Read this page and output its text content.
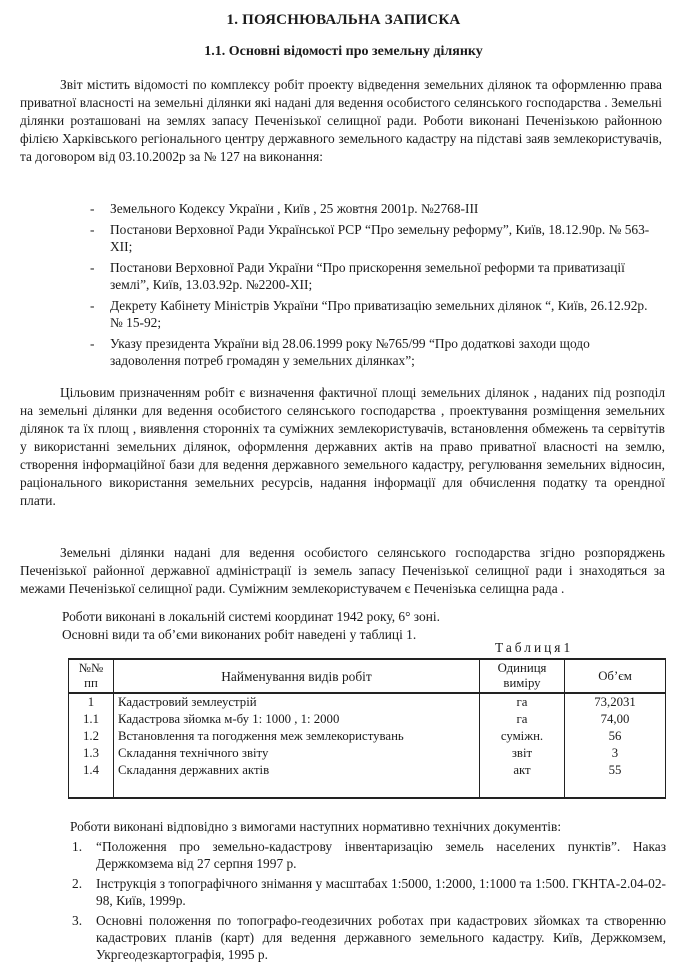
1. ПОЯСНЮВАЛЬНА ЗАПИСКА
1.1. Основні відомості про земельну ділянку

Звіт містить відомості по комплексу робіт проекту відведення земельних ділянок та оформленню права приватної власності на земельні ділянки які надані для ведення особистого селянського господарства . Земельні ділянки розташовані на землях запасу Печенізької селищної ради. Роботи виконані Печенізькою районною філією Харківського регіонального центру державного земельного кадастру на підставі заяв землекористувачів, та договором від 03.10.2002р за № 127 на виконання:

- Земельного Кодексу України , Київ , 25 жовтня 2001р. №2768-III
- Постанови Верховної Ради Української РСР “Про земельну реформу”, Київ, 18.12.90р. № 563-XII;
- Постанови Верховної Ради України “Про прискорення земельної реформи та приватизації землі”, Київ, 13.03.92р. №2200-XII;
- Декрету Кабінету Міністрів України “Про приватизацію земельних ділянок “, Київ, 26.12.92р. № 15-92;
- Указу президента України від 28.06.1999 року №765/99 “Про додаткові заходи щодо задоволення потреб громадян у земельних ділянках”;

Цільовим призначенням робіт є визначення фактичної площі земельних ділянок , наданих під розподіл на земельні ділянки для ведення особистого селянського господарства , проектування розміщення земельних ділянок та їх площ , виявлення сторонніх та суміжних землекористувачів, встановлення обмежень та сервітутів у використанні земельних ділянок, оформлення державних актів на право приватної власності на землю, створення інформаційної бази для ведення державного земельного кадастру, регулювання земельних відносин, раціонального використання земельних ресурсів, надання інформації для обчислення податку та орендної плати.

Земельні ділянки надані для ведення особистого селянського господарства згідно розпоряджень Печенізької районної державної адміністрації із земель запасу Печенізької селищної ради і знаходяться за межами Печенізької селищної ради. Суміжним землекористувачем є Печенізька селищна рада .

Роботи виконані в локальній системі координат 1942 року, 6° зоні.

Основні види та об’єми виконаних робіт наведені у таблиці 1.

Таблиця1
№№ пп	Найменування видів робіт	Одиниця виміру	Об’єм
1	Кадастровий землеустрій	га	73,2031
1.1	Кадастрова зйомка м-бу 1: 1000 , 1: 2000	га	74,00
1.2	Встановлення та погодження меж землекористувань	суміжн.	56
1.3	Складання технічного звіту	звіт	3
1.4	Складання державних актів	акт	55

Роботи виконані відповідно з вимогами наступних нормативно технічних документів:

1. “Положення про земельно-кадастрову інвентаризацію земель населених пунктів”. Наказ Держкомзема від 27 серпня 1997 р.
2. Інструкція з топографічного знімання у масштабах 1:5000, 1:2000, 1:1000 та 1:500. ГКНТА-2.04-02-98, Київ, 1999р.
3. Основні положення по топографо-геодезичних роботах при кадастрових зйомках та створенню кадастрових планів (карт) для ведення державного земельного кадастру. Київ, Держкомзем, Укргеодезкартографія, 1995 р.
